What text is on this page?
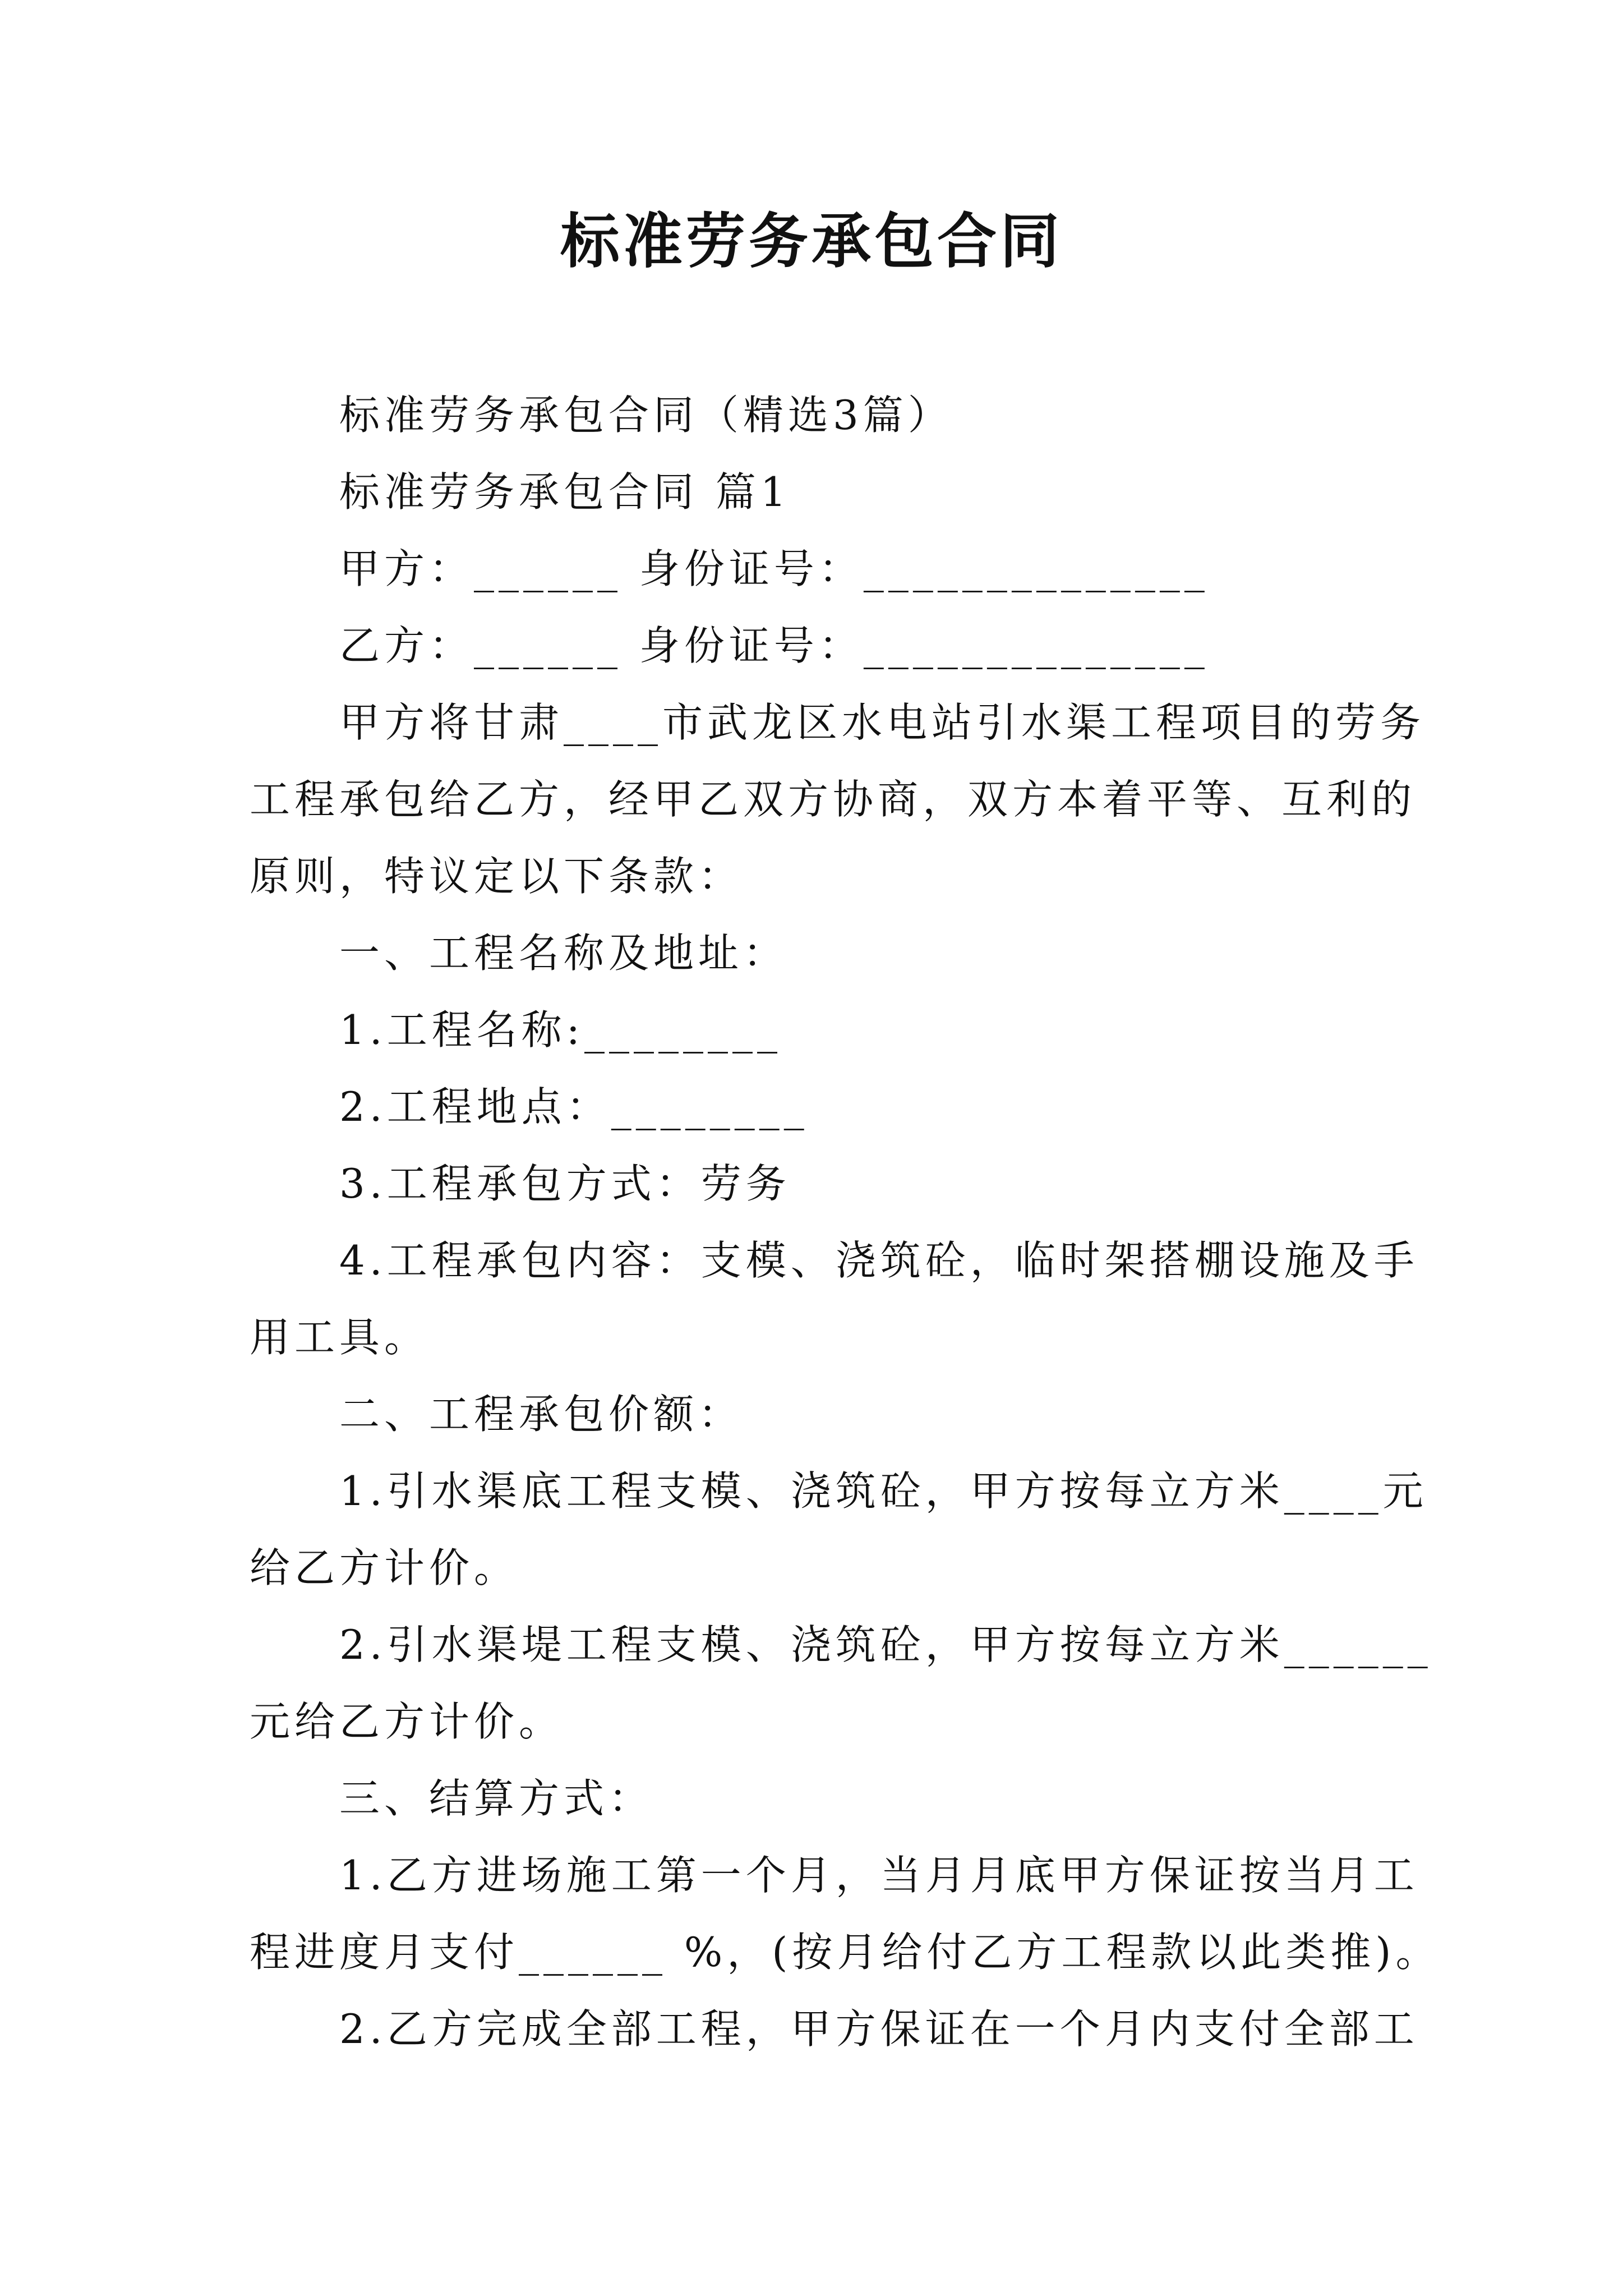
标准劳务承包合同
标准劳务承包合同（精选3篇）
标准劳务承包合同 篇1
甲方：______ 身份证号：______________
乙方：______ 身份证号：______________
甲方将甘肃____市武龙区水电站引水渠工程项目的劳务
工程承包给乙方，经甲乙双方协商，双方本着平等、互利的
原则，特议定以下条款：
一、工程名称及地址：
1.工程名称:________
2.工程地点：________
3.工程承包方式：劳务
4.工程承包内容：支模、浇筑砼，临时架搭棚设施及手
用工具。
二、工程承包价额：
1.引水渠底工程支模、浇筑砼，甲方按每立方米____元
给乙方计价。
2.引水渠堤工程支模、浇筑砼，甲方按每立方米______
元给乙方计价。
三、结算方式：
1.乙方进场施工第一个月，当月月底甲方保证按当月工
程进度月支付______ %，(按月给付乙方工程款以此类推)。
2.乙方完成全部工程，甲方保证在一个月内支付全部工
